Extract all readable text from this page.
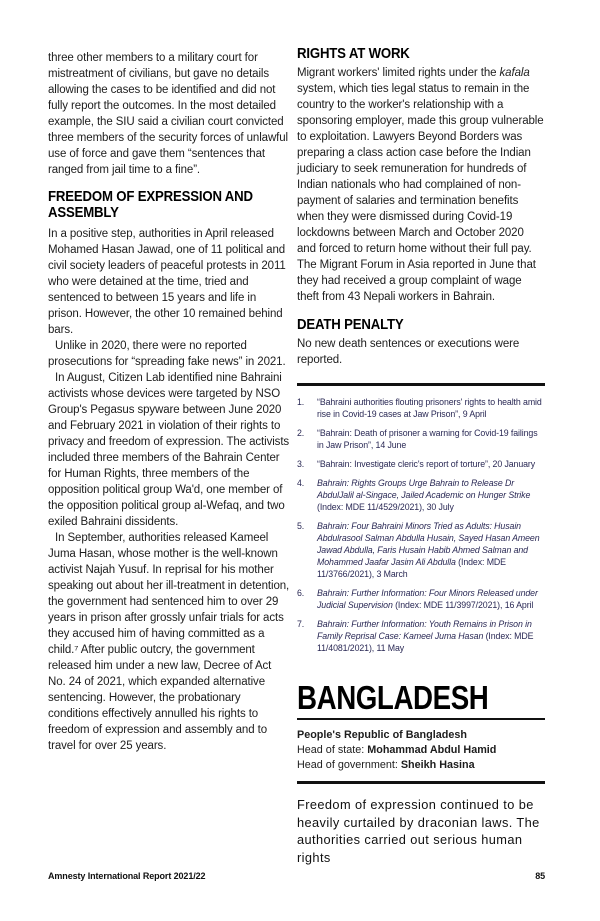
three other members to a military court for mistreatment of civilians, but gave no details allowing the cases to be identified and did not fully report the outcomes. In the most detailed example, the SIU said a civilian court convicted three members of the security forces of unlawful use of force and gave them “sentences that ranged from jail time to a fine”.

FREEDOM OF EXPRESSION AND ASSEMBLY

In a positive step, authorities in April released Mohamed Hasan Jawad, one of 11 political and civil society leaders of peaceful protests in 2011 who were detained at the time, tried and sentenced to between 15 years and life in prison. However, the other 10 remained behind bars.

Unlike in 2020, there were no reported prosecutions for “spreading fake news” in 2021.

In August, Citizen Lab identified nine Bahraini activists whose devices were targeted by NSO Group's Pegasus spyware between June 2020 and February 2021 in violation of their rights to privacy and freedom of expression. The activists included three members of the Bahrain Center for Human Rights, three members of the opposition political group Wa'd, one member of the opposition political group al-Wefaq, and two exiled Bahraini dissidents.

In September, authorities released Kameel Juma Hasan, whose mother is the well-known activist Najah Yusuf. In reprisal for his mother speaking out about her ill-treatment in detention, the government had sentenced him to over 29 years in prison after grossly unfair trials for acts they accused him of having committed as a child.⁷ After public outcry, the government released him under a new law, Decree of Act No. 24 of 2021, which expanded alternative sentencing. However, the probationary conditions effectively annulled his rights to freedom of expression and assembly and to travel for over 25 years.

RIGHTS AT WORK

Migrant workers' limited rights under the kafala system, which ties legal status to remain in the country to the worker's relationship with a sponsoring employer, made this group vulnerable to exploitation. Lawyers Beyond Borders was preparing a class action case before the Indian judiciary to seek remuneration for hundreds of Indian nationals who had complained of non-payment of salaries and termination benefits when they were dismissed during Covid-19 lockdowns between March and October 2020 and forced to return home without their full pay. The Migrant Forum in Asia reported in June that they had received a group complaint of wage theft from 43 Nepali workers in Bahrain.

DEATH PENALTY

No new death sentences or executions were reported.

1.	“Bahraini authorities flouting prisoners' rights to health amid rise in Covid-19 cases at Jaw Prison”, 9 April
2.	“Bahrain: Death of prisoner a warning for Covid-19 failings in Jaw Prison”, 14 June
3.	“Bahrain: Investigate cleric's report of torture”, 20 January
4.	Bahrain: Rights Groups Urge Bahrain to Release Dr AbdulJalil al-Singace, Jailed Academic on Hunger Strike (Index: MDE 11/4529/2021), 30 July
5.	Bahrain: Four Bahraini Minors Tried as Adults: Husain Abdulrasool Salman Abdulla Husain, Sayed Hasan Ameen Jawad Abdulla, Faris Husain Habib Ahmed Salman and Mohammed Jaafar Jasim Ali Abdulla (Index: MDE 11/3766/2021), 3 March
6.	Bahrain: Further Information: Four Minors Released under Judicial Supervision (Index: MDE 11/3997/2021), 16 April
7.	Bahrain: Further Information: Youth Remains in Prison in Family Reprisal Case: Kameel Juma Hasan (Index: MDE 11/4081/2021), 11 May
BANGLADESH
People's Republic of Bangladesh
Head of state: Mohammad Abdul Hamid
Head of government: Sheikh Hasina

Freedom of expression continued to be heavily curtailed by draconian laws. The authorities carried out serious human rights

Amnesty International Report 2021/22	85
